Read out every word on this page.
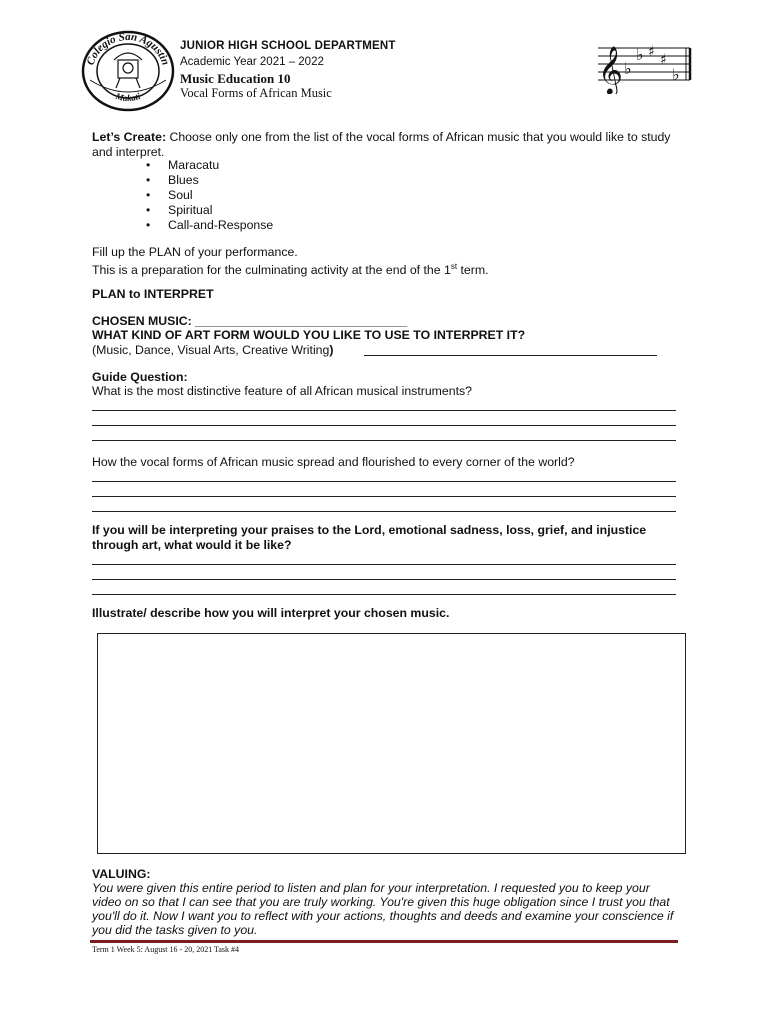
Colegio San Agustin
Makati
JUNIOR HIGH SCHOOL DEPARTMENT
Academic Year 2021 – 2022
Music Education 10
Vocal Forms of African Music	𝄞 ♭
♭ ♯ ♯
♭
Let’s Create: Choose only one from the list of the vocal forms of African music that you would like to study and interpret.
• Maracatu
• Blues
• Soul
• Spiritual
• Call-and-Response
Fill up the PLAN of your performance.
This is a preparation for the culminating activity at the end of the 1st term.
PLAN to INTERPRET
CHOSEN MUSIC: _______________________________
WHAT KIND OF ART FORM WOULD YOU LIKE TO USE TO INTERPRET IT?
(Music, Dance, Visual Arts, Creative Writing)
Guide Question:
What is the most distinctive feature of all African musical instruments?
How the vocal forms of African music spread and flourished to every corner of the world?
If you will be interpreting your praises to the Lord, emotional sadness, loss, grief, and injustice through art, what would it be like?
Illustrate/ describe how you will interpret your chosen music.
VALUING:
You were given this entire period to listen and plan for your interpretation. I requested you to keep your video on so that I can see that you are truly working. You're given this huge obligation since I trust you that you'll do it. Now I want you to reflect with your actions, thoughts and deeds and examine your conscience if you did the tasks given to you.
Term 1 Week 5: August 16 - 20, 2021 Task #4
